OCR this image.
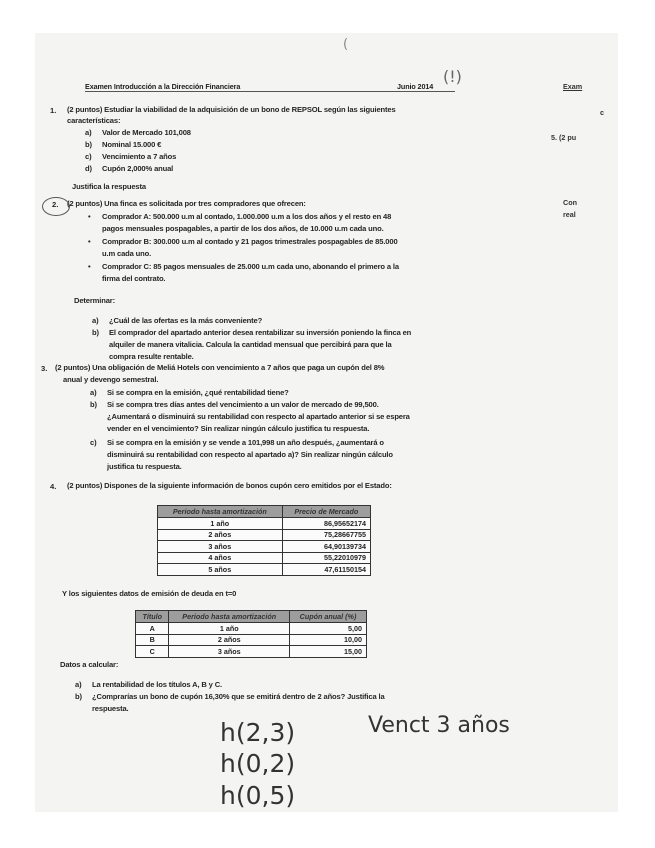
Examen Introducción a la Dirección Financiera	Junio 2014
(!)
(
1. (2 puntos) Estudiar la viabilidad de la adquisición de un bono de REPSOL según las siguientes
características:
a) Valor de Mercado 101,008
b) Nominal 15.000 €
c) Vencimiento a 7 años
d) Cupón 2,000% anual
Justifica la respuesta
2. (2 puntos) Una finca es solicitada por tres compradores que ofrecen:
• Comprador A: 500.000 u.m al contado, 1.000.000 u.m a los dos años y el resto en 48
pagos mensuales pospagables, a partir de los dos años, de 10.000 u.m cada uno.
• Comprador B: 300.000 u.m al contado y 21 pagos trimestrales pospagables de 85.000
u.m cada uno.
• Comprador C: 85 pagos mensuales de 25.000 u.m cada uno, abonando el primero a la
firma del contrato.
Determinar:
a) ¿Cuál de las ofertas es la más conveniente?
b) El comprador del apartado anterior desea rentabilizar su inversión poniendo la finca en
alquiler de manera vitalicia. Calcula la cantidad mensual que percibirá para que la
compra resulte rentable.
3. (2 puntos) Una obligación de Meliá Hotels con vencimiento a 7 años que paga un cupón del 8%
anual y devengo semestral.
a) Si se compra en la emisión, ¿qué rentabilidad tiene?
b) Si se compra tres días antes del vencimiento a un valor de mercado de 99,500.
¿Aumentará o disminuirá su rentabilidad con respecto al apartado anterior si se espera
vender en el vencimiento? Sin realizar ningún cálculo justifica tu respuesta.
c) Si se compra en la emisión y se vende a 101,998 un año después, ¿aumentará o
disminuirá su rentabilidad con respecto al apartado a)? Sin realizar ningún cálculo
justifica tu respuesta.
4. (2 puntos) Dispones de la siguiente información de bonos cupón cero emitidos por el Estado:
Periodo hasta amortización	Precio de Mercado
1 año	86,95652174
2 años	75,28667755
3 años	64,90139734
4 años	55,22010979
5 años	47,61150154
Y los siguientes datos de emisión de deuda en t=0
Título	Periodo hasta amortización	Cupón anual (%)
A	1 año	5,00
B	2 años	10,00
C	3 años	15,00
Datos a calcular:
a) La rentabilidad de los títulos A, B y C.
b) ¿Comprarías un bono de cupón 16,30% que se emitirá dentro de 2 años? Justifica la
respuesta.
h(2,3)
h(0,2)
h(0,5)
Venct 3 años
Exam
c
5. (2 pu
Con
real
